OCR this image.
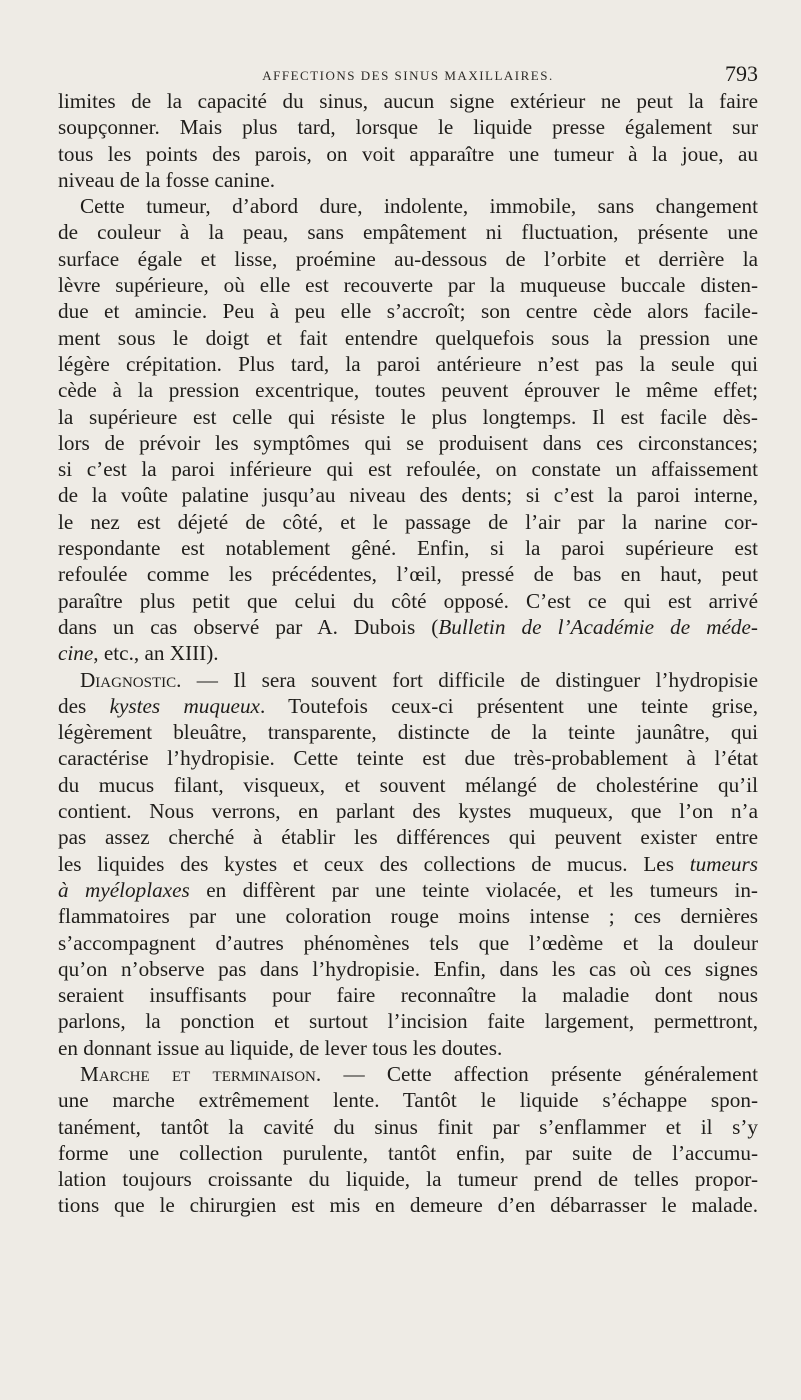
AFFECTIONS DES SINUS MAXILLAIRES.	793
limites de la capacité du sinus, aucun signe extérieur ne peut la faire
soupçonner. Mais plus tard, lorsque le liquide presse également sur
tous les points des parois, on voit apparaître une tumeur à la joue, au
niveau de la fosse canine.
Cette tumeur, d’abord dure, indolente, immobile, sans changement
de couleur à la peau, sans empâtement ni fluctuation, présente une
surface égale et lisse, proémine au-dessous de l’orbite et derrière la
lèvre supérieure, où elle est recouverte par la muqueuse buccale disten-
due et amincie. Peu à peu elle s’accroît; son centre cède alors facile-
ment sous le doigt et fait entendre quelquefois sous la pression une
légère crépitation. Plus tard, la paroi antérieure n’est pas la seule qui
cède à la pression excentrique, toutes peuvent éprouver le même effet;
la supérieure est celle qui résiste le plus longtemps. Il est facile dès-
lors de prévoir les symptômes qui se produisent dans ces circonstances;
si c’est la paroi inférieure qui est refoulée, on constate un affaissement
de la voûte palatine jusqu’au niveau des dents; si c’est la paroi interne,
le nez est déjeté de côté, et le passage de l’air par la narine cor-
respondante est notablement gêné. Enfin, si la paroi supérieure est
refoulée comme les précédentes, l’œil, pressé de bas en haut, peut
paraître plus petit que celui du côté opposé. C’est ce qui est arrivé
dans un cas observé par A. Dubois (Bulletin de l’Académie de méde-
cine, etc., an XIII).
Diagnostic. — Il sera souvent fort difficile de distinguer l’hydropisie
des kystes muqueux. Toutefois ceux-ci présentent une teinte grise,
légèrement bleuâtre, transparente, distincte de la teinte jaunâtre, qui
caractérise l’hydropisie. Cette teinte est due très-probablement à l’état
du mucus filant, visqueux, et souvent mélangé de cholestérine qu’il
contient. Nous verrons, en parlant des kystes muqueux, que l’on n’a
pas assez cherché à établir les différences qui peuvent exister entre
les liquides des kystes et ceux des collections de mucus. Les tumeurs
à myéloplaxes en diffèrent par une teinte violacée, et les tumeurs in-
flammatoires par une coloration rouge moins intense ; ces dernières
s’accompagnent d’autres phénomènes tels que l’œdème et la douleur
qu’on n’observe pas dans l’hydropisie. Enfin, dans les cas où ces signes
seraient insuffisants pour faire reconnaître la maladie dont nous
parlons, la ponction et surtout l’incision faite largement, permettront,
en donnant issue au liquide, de lever tous les doutes.
Marche et terminaison. — Cette affection présente généralement
une marche extrêmement lente. Tantôt le liquide s’échappe spon-
tanément, tantôt la cavité du sinus finit par s’enflammer et il s’y
forme une collection purulente, tantôt enfin, par suite de l’accumu-
lation toujours croissante du liquide, la tumeur prend de telles propor-
tions que le chirurgien est mis en demeure d’en débarrasser le malade.
